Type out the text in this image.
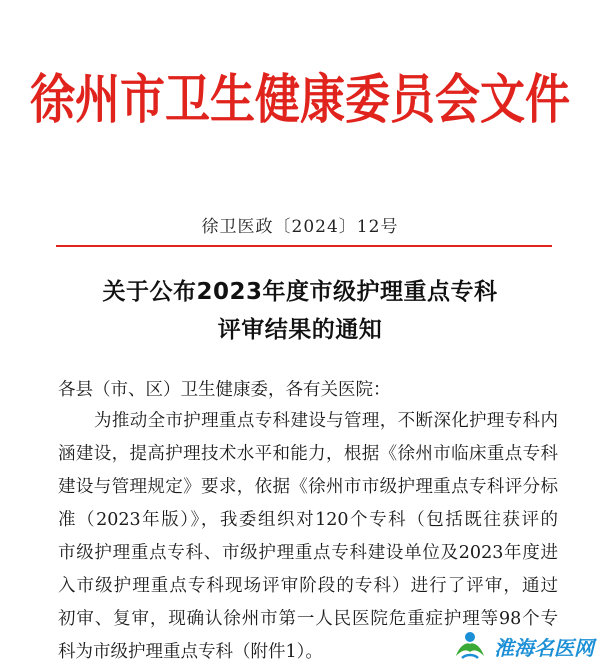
徐州市卫生健康委员会文件
徐卫医政〔2024〕12号
关于公布2023年度市级护理重点专科
评审结果的通知
各县（市、区）卫生健康委，各有关医院：
为推动全市护理重点专科建设与管理，不断深化护理专科内
涵建设，提高护理技术水平和能力，根据《徐州市临床重点专科
建设与管理规定》要求，依据《徐州市市级护理重点专科评分标
准（2023年版）》，我委组织对120个专科（包括既往获评的
市级护理重点专科、市级护理重点专科建设单位及2023年度进
入市级护理重点专科现场评审阶段的专科）进行了评审，通过
初审、复审，现确认徐州市第一人民医院危重症护理等98个专
科为市级护理重点专科（附件1）。	淮海名医网
